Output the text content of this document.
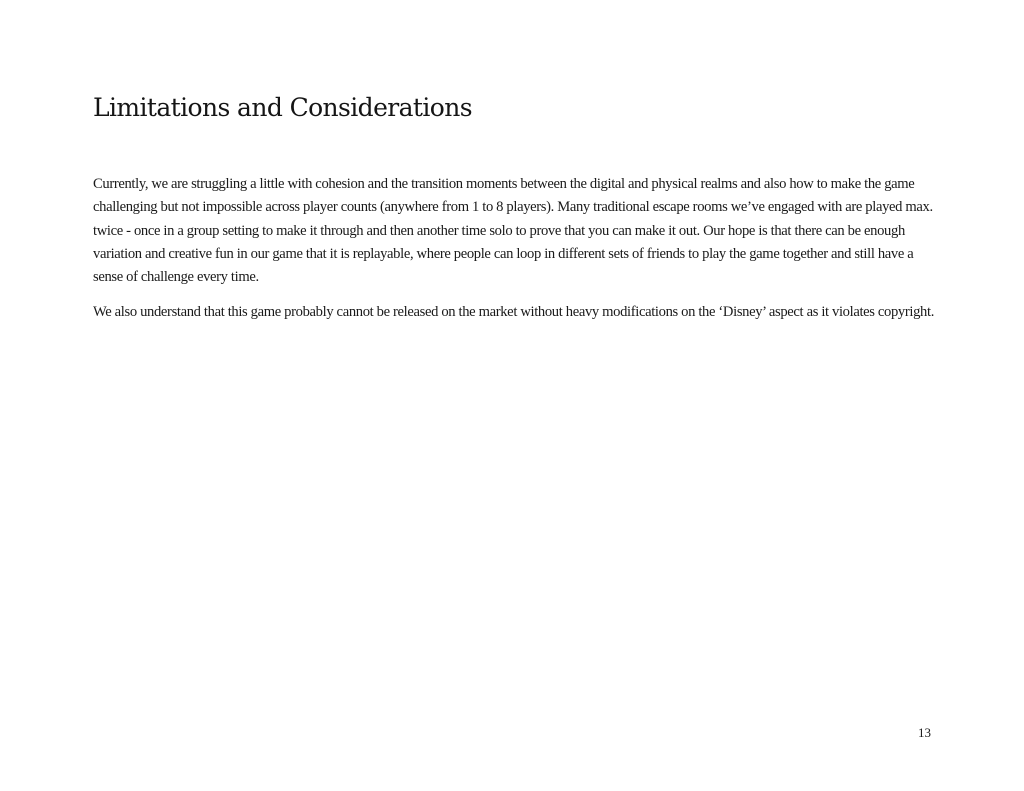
Limitations and Considerations

Currently, we are struggling a little with cohesion and the transition moments between the digital and physical realms and also how to make the game challenging but not impossible across player counts (anywhere from 1 to 8 players). Many traditional escape rooms we’ve engaged with are played max. twice - once in a group setting to make it through and then another time solo to prove that you can make it out. Our hope is that there can be enough variation and creative fun in our game that it is replayable, where people can loop in different sets of friends to play the game together and still have a sense of challenge every time.

We also understand that this game probably cannot be released on the market without heavy modifications on the ‘Disney’ aspect as it violates copyright.

13
